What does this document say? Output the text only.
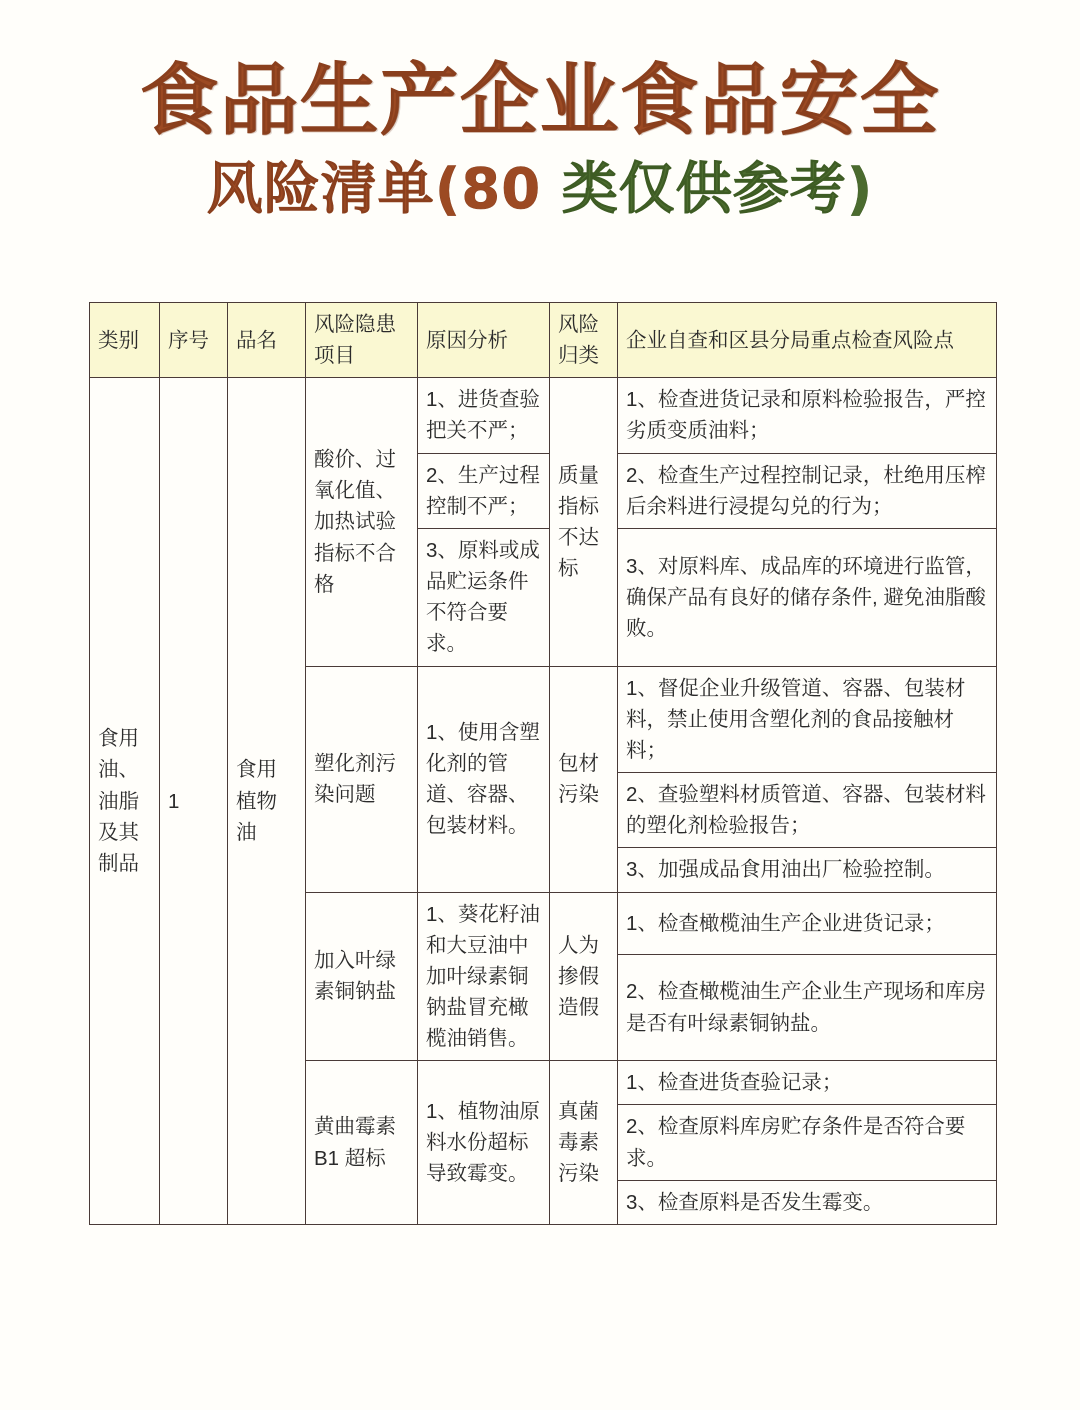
食品生产企业食品安全
风险清单(80 类仅供参考)
类别	序号	品名	风险隐患 项目	原因分析	风险 归类	企业自查和区县分局重点检查风险点
食用油、油脂及其制品	1	食用植物油	酸价、过氧化值、加热试验指标不合格	1、进货查验把关不严；	质量指标不达标	1、检查进货记录和原料检验报告，严控劣质变质油料；
				2、生产过程控制不严；		2、检查生产过程控制记录，杜绝用压榨后余料进行浸提勾兑的行为；
				3、原料或成品贮运条件不符合要求。		3、对原料库、成品库的环境进行监管，确保产品有良好的储存条件, 避免油脂酸败。
			塑化剂污染问题	1、使用含塑化剂的管道、容器、包装材料。	包材污染	1、督促企业升级管道、容器、包装材料，禁止使用含塑化剂的食品接触材料；
						2、查验塑料材质管道、容器、包装材料的塑化剂检验报告；
						3、加强成品食用油出厂检验控制。
			加入叶绿素铜钠盐	1、葵花籽油和大豆油中加叶绿素铜钠盐冒充橄榄油销售。	人为掺假造假	1、检查橄榄油生产企业进货记录；
						2、检查橄榄油生产企业生产现场和库房是否有叶绿素铜钠盐。
			黄曲霉素B1 超标	1、植物油原料水份超标导致霉变。	真菌毒素污染	1、检查进货查验记录；
						2、检查原料库房贮存条件是否符合要求。
						3、检查原料是否发生霉变。
